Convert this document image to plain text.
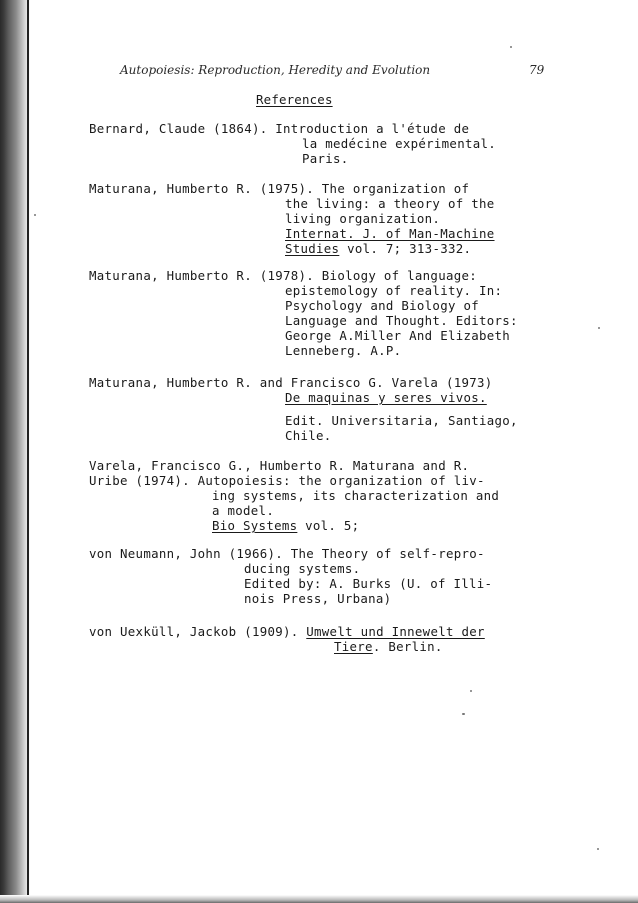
Autopoiesis: Reproduction, Heredity and Evolution	79
References
Bernard, Claude (1864). Introduction a l'étude de
la medécine expérimental.
Paris.
Maturana, Humberto R. (1975). The organization of
the living: a theory of the
living organization.
Internat. J. of Man-Machine
Studies vol. 7; 313-332.
Maturana, Humberto R. (1978). Biology of language:
epistemology of reality. In:
Psychology and Biology of
Language and Thought. Editors:
George A.Miller And Elizabeth
Lenneberg. A.P.
Maturana, Humberto R. and Francisco G. Varela (1973)
De maquinas y seres vivos.
Edit. Universitaria, Santiago,
Chile.
Varela, Francisco G., Humberto R. Maturana and R.
Uribe (1974). Autopoiesis: the organization of liv-
ing systems, its characterization and
a model.
Bio Systems vol. 5;
von Neumann, John (1966). The Theory of self-repro-
ducing systems.
Edited by: A. Burks (U. of Illi-
nois Press, Urbana)
von Uexküll, Jackob (1909). Umwelt und Innewelt der
Tiere. Berlin.
